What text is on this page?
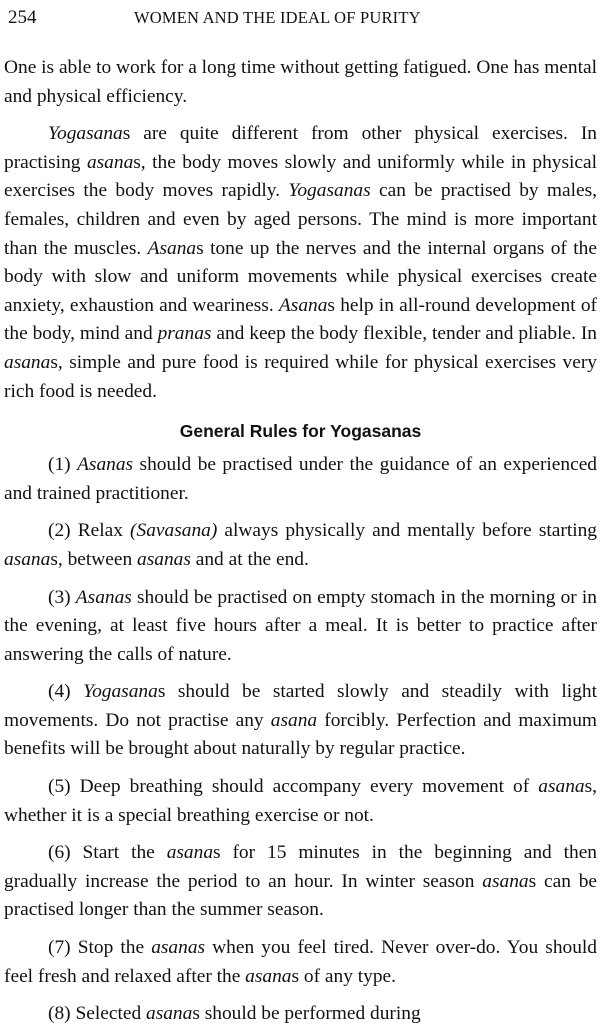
254	WOMEN AND THE IDEAL OF PURITY

One is able to work for a long time without getting fatigued. One has mental and physical efficiency.

Yogasanas are quite different from other physical exercises. In practising asanas, the body moves slowly and uniformly while in physical exercises the body moves rapidly. Yogasanas can be practised by males, females, children and even by aged persons. The mind is more important than the muscles. Asanas tone up the nerves and the internal organs of the body with slow and uniform movements while physical exercises create anxiety, exhaustion and weariness. Asanas help in all-round development of the body, mind and pranas and keep the body flexible, tender and pliable. In asanas, simple and pure food is required while for physical exercises very rich food is needed.

General Rules for Yogasanas

(1) Asanas should be practised under the guidance of an experienced and trained practitioner.

(2) Relax (Savasana) always physically and mentally before starting asanas, between asanas and at the end.

(3) Asanas should be practised on empty stomach in the morning or in the evening, at least five hours after a meal. It is better to practice after answering the calls of nature.

(4) Yogasanas should be started slowly and steadily with light movements. Do not practise any asana forcibly. Perfection and maximum benefits will be brought about naturally by regular practice.

(5) Deep breathing should accompany every movement of asanas, whether it is a special breathing exercise or not.

(6) Start the asanas for 15 minutes in the beginning and then gradually increase the period to an hour. In winter season asanas can be practised longer than the summer season.

(7) Stop the asanas when you feel tired. Never over-do. You should feel fresh and relaxed after the asanas of any type.

(8) Selected asanas should be performed during
